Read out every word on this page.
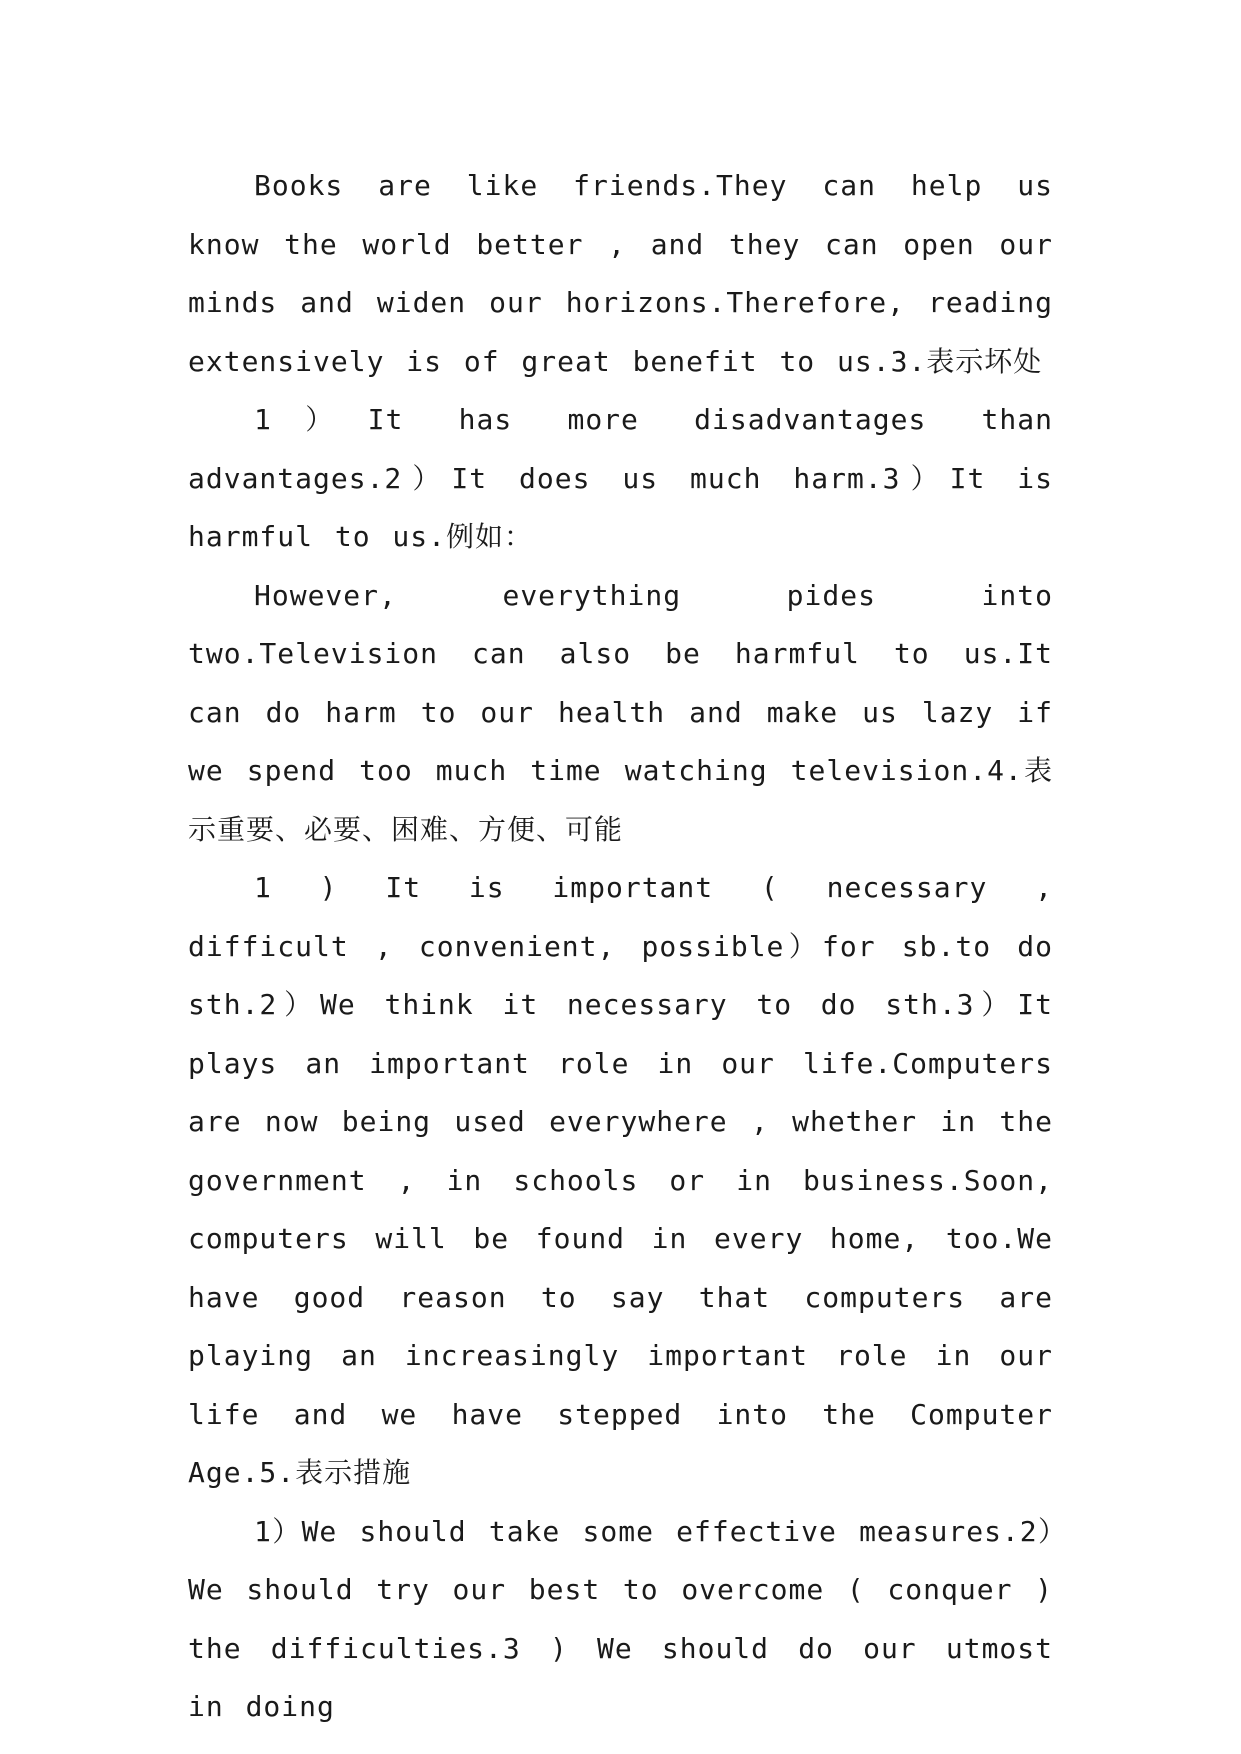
Books are like friends.They can help us know the world better , and they can open our minds and widen our horizons.Therefore, reading extensively is of great benefit to us.3.表示坏处

1）It has more disadvantages than advantages.2）It does us much harm.3）It is harmful to us.例如：

However, everything pides into two.Television can also be harmful to us.It can do harm to our health and make us lazy if we spend too much time watching television.4.表示重要、必要、困难、方便、可能

1 ) It is important ( necessary , difficult , convenient, possible）for sb.to do sth.2）We think it necessary to do sth.3）It plays an important role in our life.Computers are now being used everywhere , whether in the government , in schools or in business.Soon, computers will be found in every home, too.We have good reason to say that computers are playing an increasingly important role in our life and we have stepped into the Computer Age.5.表示措施

1）We should take some effective measures.2）We should try our best to overcome ( conquer ) the difficulties.3 ) We should do our utmost in doing
